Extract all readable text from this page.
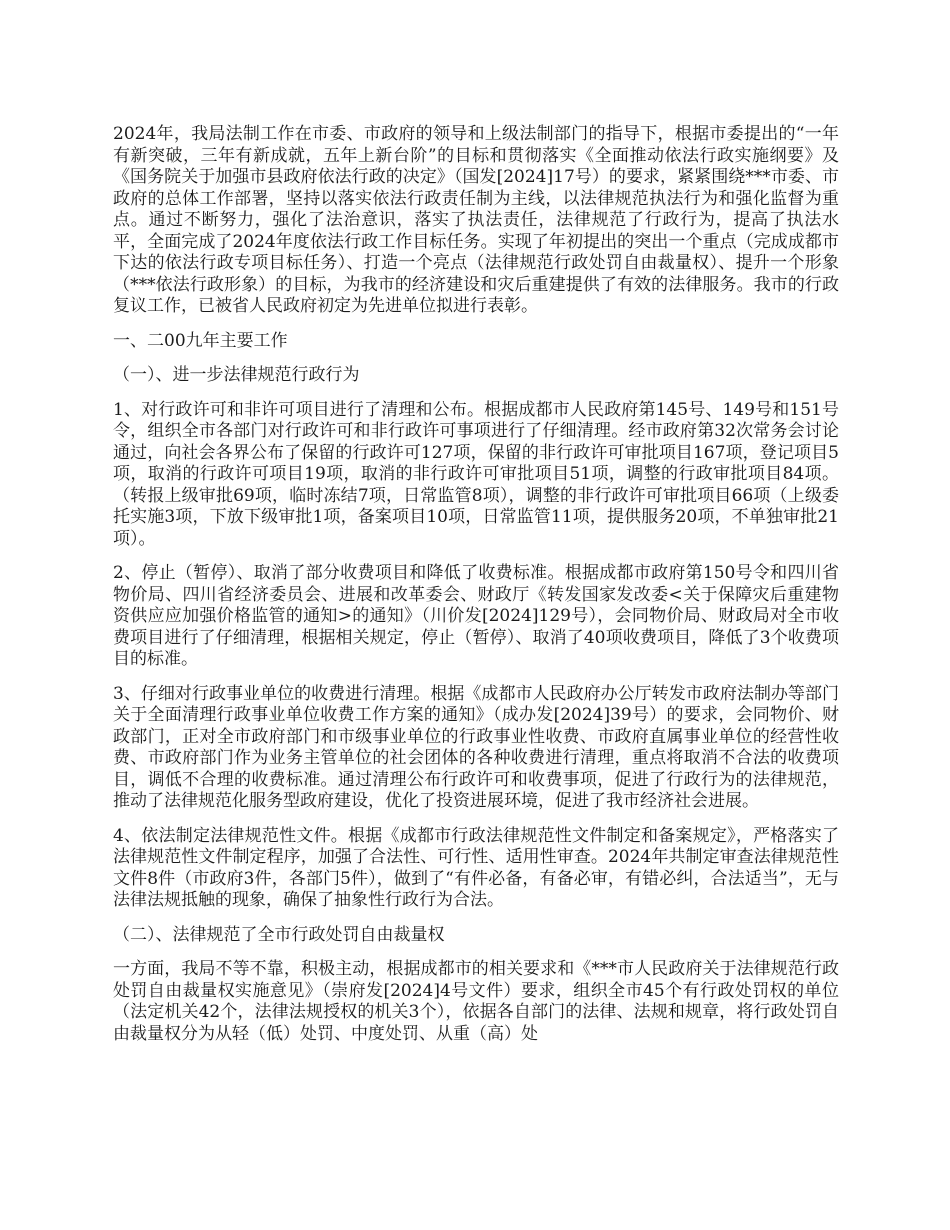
2024年，我局法制工作在市委、市政府的领导和上级法制部门的指导下，根据市委提出的“一年有新突破，三年有新成就，五年上新台阶”的目标和贯彻落实《全面推动依法行政实施纲要》及《国务院关于加强市县政府依法行政的决定》（国发[2024]17号）的要求，紧紧围绕***市委、市政府的总体工作部署，坚持以落实依法行政责任制为主线，以法律规范执法行为和强化监督为重点。通过不断努力，强化了法治意识，落实了执法责任，法律规范了行政行为，提高了执法水平，全面完成了2024年度依法行政工作目标任务。实现了年初提出的突出一个重点（完成成都市下达的依法行政专项目标任务）、打造一个亮点（法律规范行政处罚自由裁量权）、提升一个形象（***依法行政形象）的目标，为我市的经济建设和灾后重建提供了有效的法律服务。我市的行政复议工作，已被省人民政府初定为先进单位拟进行表彰。

一、二00九年主要工作

（一）、进一步法律规范行政行为

1、对行政许可和非许可项目进行了清理和公布。根据成都市人民政府第145号、149号和151号令，组织全市各部门对行政许可和非行政许可事项进行了仔细清理。经市政府第32次常务会讨论通过，向社会各界公布了保留的行政许可127项，保留的非行政许可审批项目167项，登记项目5项，取消的行政许可项目19项，取消的非行政许可审批项目51项，调整的行政审批项目84项。（转报上级审批69项，临时冻结7项，日常监管8项），调整的非行政许可审批项目66项（上级委托实施3项，下放下级审批1项，备案项目10项，日常监管11项，提供服务20项，不单独审批21项）。

2、停止（暂停）、取消了部分收费项目和降低了收费标准。根据成都市政府第150号令和四川省物价局、四川省经济委员会、进展和改革委会、财政厅《转发国家发改委<关于保障灾后重建物资供应应加强价格监管的通知>的通知》（川价发[2024]129号），会同物价局、财政局对全市收费项目进行了仔细清理，根据相关规定，停止（暂停）、取消了40项收费项目，降低了3个收费项目的标准。

3、仔细对行政事业单位的收费进行清理。根据《成都市人民政府办公厅转发市政府法制办等部门关于全面清理行政事业单位收费工作方案的通知》（成办发[2024]39号）的要求，会同物价、财政部门，正对全市政府部门和市级事业单位的行政事业性收费、市政府直属事业单位的经营性收费、市政府部门作为业务主管单位的社会团体的各种收费进行清理，重点将取消不合法的收费项目，调低不合理的收费标准。通过清理公布行政许可和收费事项，促进了行政行为的法律规范，推动了法律规范化服务型政府建设，优化了投资进展环境，促进了我市经济社会进展。

4、依法制定法律规范性文件。根据《成都市行政法律规范性文件制定和备案规定》，严格落实了法律规范性文件制定程序，加强了合法性、可行性、适用性审查。2024年共制定审查法律规范性文件8件（市政府3件，各部门5件），做到了“有件必备，有备必审，有错必纠，合法适当”，无与法律法规抵触的现象，确保了抽象性行政行为合法。

（二）、法律规范了全市行政处罚自由裁量权

一方面，我局不等不靠，积极主动，根据成都市的相关要求和《***市人民政府关于法律规范行政处罚自由裁量权实施意见》（崇府发[2024]4号文件）要求，组织全市45个有行政处罚权的单位（法定机关42个，法律法规授权的机关3个），依据各自部门的法律、法规和规章，将行政处罚自由裁量权分为从轻（低）处罚、中度处罚、从重（高）处
